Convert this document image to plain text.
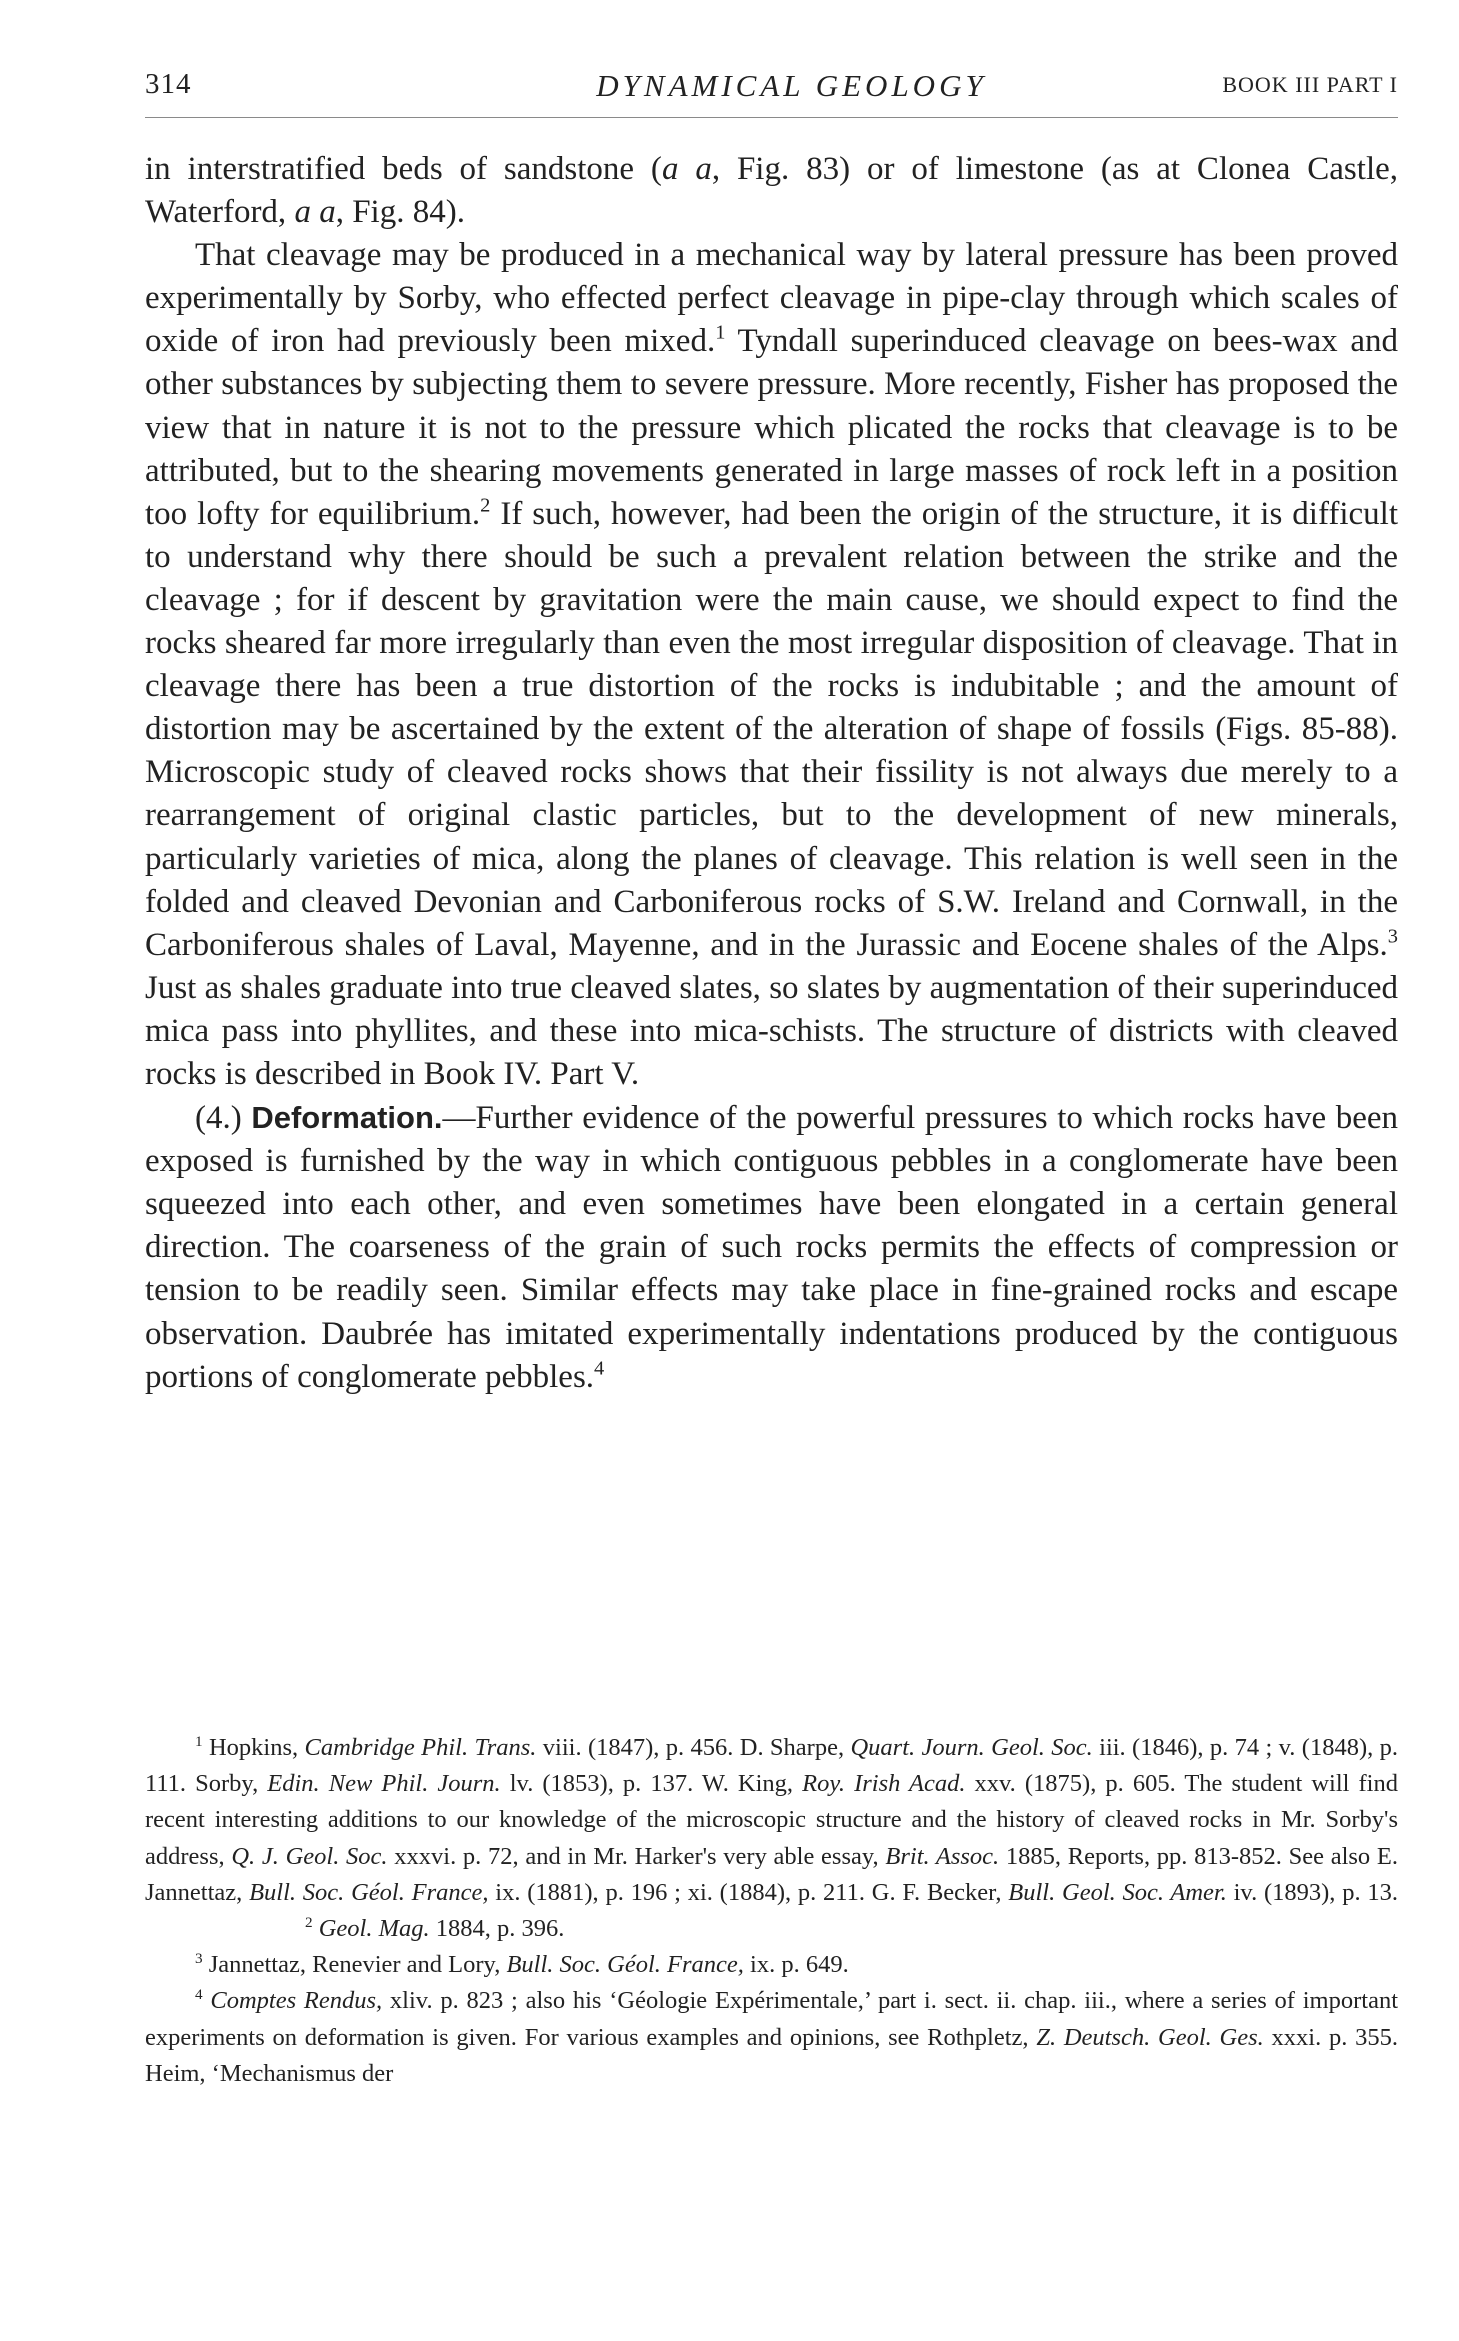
314	DYNAMICAL GEOLOGY	BOOK III PART I

in interstratified beds of sandstone (a a, Fig. 83) or of limestone (as at Clonea Castle, Waterford, a a, Fig. 84).

That cleavage may be produced in a mechanical way by lateral pressure has been proved experimentally by Sorby, who effected perfect cleavage in pipe-clay through which scales of oxide of iron had previously been mixed.$^1$ Tyndall superinduced cleavage on bees-wax and other substances by subjecting them to severe pressure. More recently, Fisher has proposed the view that in nature it is not to the pressure which plicated the rocks that cleavage is to be attributed, but to the shearing movements generated in large masses of rock left in a position too lofty for equilibrium.$^2$ If such, however, had been the origin of the structure, it is difficult to understand why there should be such a prevalent relation between the strike and the cleavage ; for if descent by gravitation were the main cause, we should expect to find the rocks sheared far more irregularly than even the most irregular disposition of cleavage. That in cleavage there has been a true distortion of the rocks is indubitable ; and the amount of distortion may be ascertained by the extent of the alteration of shape of fossils (Figs. 85-88). Microscopic study of cleaved rocks shows that their fissility is not always due merely to a rearrangement of original clastic particles, but to the development of new minerals, particularly varieties of mica, along the planes of cleavage. This relation is well seen in the folded and cleaved Devonian and Carboniferous rocks of S.W. Ireland and Cornwall, in the Carboniferous shales of Laval, Mayenne, and in the Jurassic and Eocene shales of the Alps.$^3$ Just as shales graduate into true cleaved slates, so slates by augmentation of their superinduced mica pass into phyllites, and these into mica-schists. The structure of districts with cleaved rocks is described in Book IV. Part V.

(4.) Deformation.—Further evidence of the powerful pressures to which rocks have been exposed is furnished by the way in which contiguous pebbles in a conglomerate have been squeezed into each other, and even sometimes have been elongated in a certain general direction. The coarseness of the grain of such rocks permits the effects of compression or tension to be readily seen. Similar effects may take place in fine-grained rocks and escape observation. Daubrée has imitated experimentally indentations produced by the contiguous portions of conglomerate pebbles.$^4$

$^1$ Hopkins, Cambridge Phil. Trans. viii. (1847), p. 456. D. Sharpe, Quart. Journ. Geol. Soc. iii. (1846), p. 74 ; v. (1848), p. 111. Sorby, Edin. New Phil. Journ. lv. (1853), p. 137. W. King, Roy. Irish Acad. xxv. (1875), p. 605. The student will find recent interesting additions to our knowledge of the microscopic structure and the history of cleaved rocks in Mr. Sorby's address, Q. J. Geol. Soc. xxxvi. p. 72, and in Mr. Harker's very able essay, Brit. Assoc. 1885, Reports, pp. 813-852. See also E. Jannettaz, Bull. Soc. Géol. France, ix. (1881), p. 196 ; xi. (1884), p. 211. G. F. Becker, Bull. Geol. Soc. Amer. iv. (1893), p. 13.$^2$ Geol. Mag. 1884, p. 396.

$^3$ Jannettaz, Renevier and Lory, Bull. Soc. Géol. France, ix. p. 649.

$^4$ Comptes Rendus, xliv. p. 823 ; also his ‘Géologie Expérimentale,’ part i. sect. ii. chap. iii., where a series of important experiments on deformation is given. For various examples and opinions, see Rothpletz, Z. Deutsch. Geol. Ges. xxxi. p. 355. Heim, ‘Mechanismus der
